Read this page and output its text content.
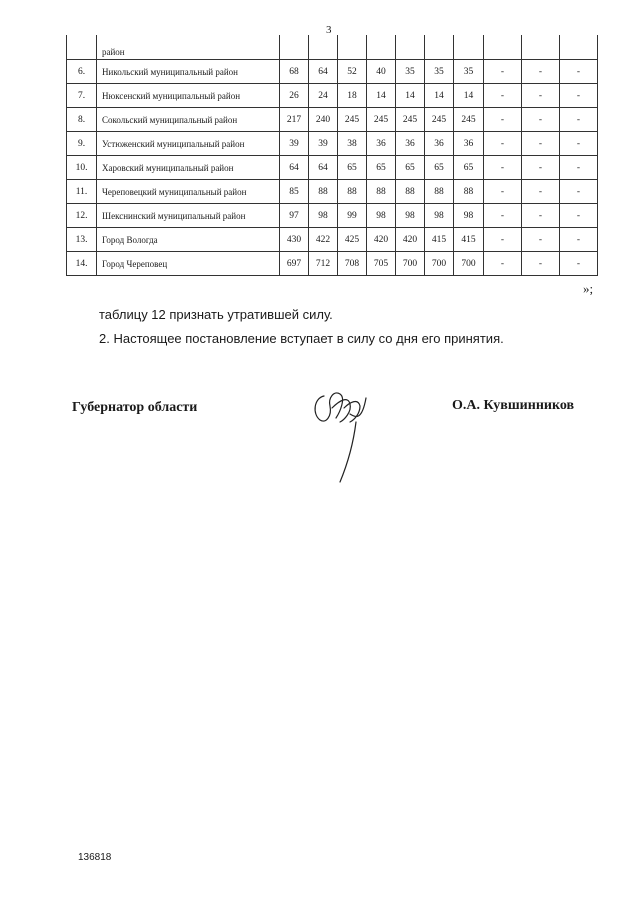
3
	район										
6.	Никольский муниципальный район	68	64	52	40	35	35	35	-	-	-
7.	Нюксенский муниципальный район	26	24	18	14	14	14	14	-	-	-
8.	Сокольский муниципальный район	217	240	245	245	245	245	245	-	-	-
9.	Устюженский муниципальный район	39	39	38	36	36	36	36	-	-	-
10.	Харовский муниципальный район	64	64	65	65	65	65	65	-	-	-
11.	Череповецкий муниципальный район	85	88	88	88	88	88	88	-	-	-
12.	Шекснинский муниципальный район	97	98	99	98	98	98	98	-	-	-
13.	Город Вологда	430	422	425	420	420	415	415	-	-	-
14.	Город Череповец	697	712	708	705	700	700	700	-	-	-
»;
таблицу 12 признать утратившей силу.
2. Настоящее постановление вступает в силу со дня его принятия.
Губернатор области	О.А. Кувшинников
136818
